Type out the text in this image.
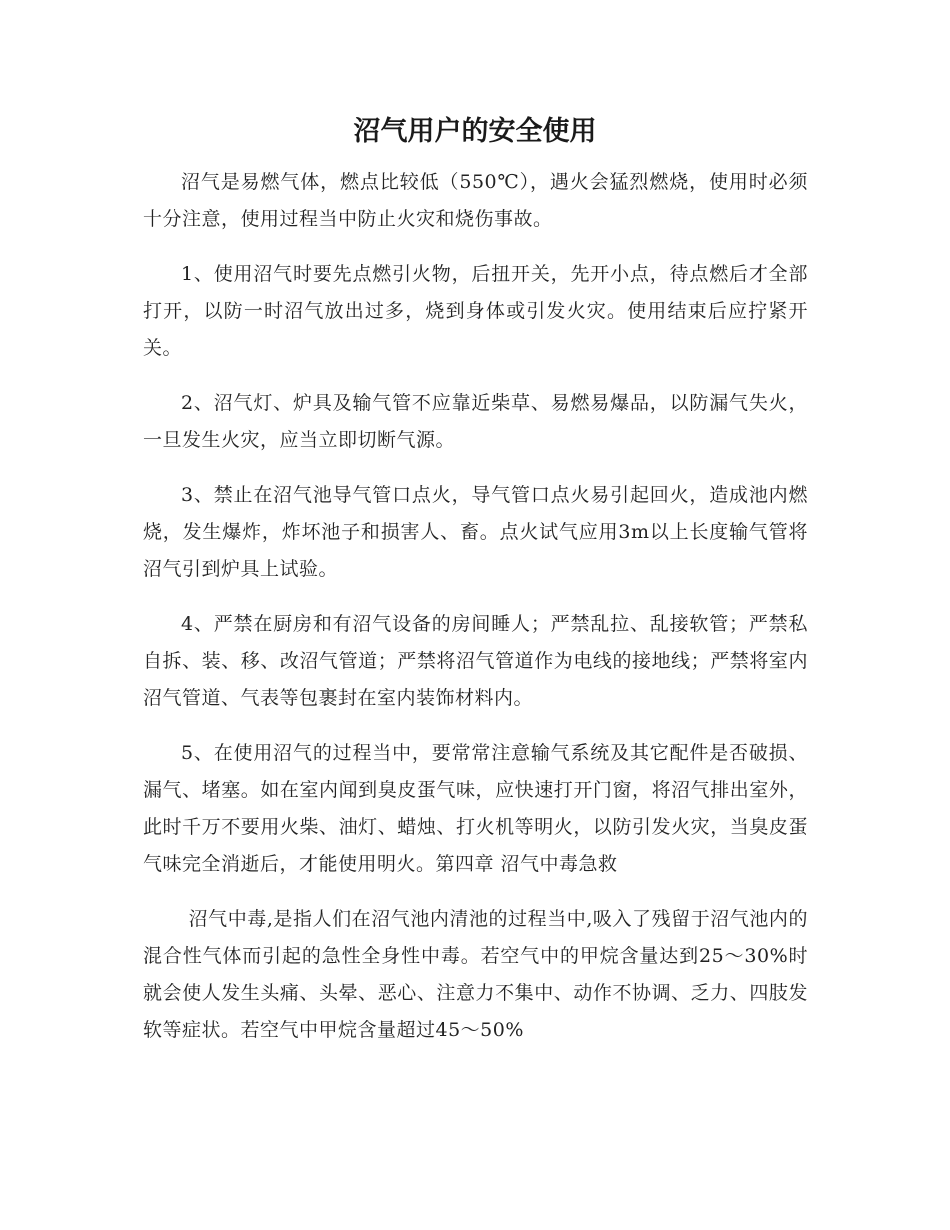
沼气用户的安全使用

沼气是易燃气体，燃点比较低（550℃），遇火会猛烈燃烧，使用时必须十分注意，使用过程当中防止火灾和烧伤事故。

1、使用沼气时要先点燃引火物，后扭开关，先开小点，待点燃后才全部打开，以防一时沼气放出过多，烧到身体或引发火灾。使用结束后应拧紧开关。

2、沼气灯、炉具及输气管不应靠近柴草、易燃易爆品，以防漏气失火，一旦发生火灾，应当立即切断气源。

3、禁止在沼气池导气管口点火，导气管口点火易引起回火，造成池内燃烧，发生爆炸，炸坏池子和损害人、畜。点火试气应用3m以上长度输气管将沼气引到炉具上试验。

4、严禁在厨房和有沼气设备的房间睡人；严禁乱拉、乱接软管；严禁私自拆、装、移、改沼气管道；严禁将沼气管道作为电线的接地线；严禁将室内沼气管道、气表等包裹封在室内装饰材料内。

5、在使用沼气的过程当中，要常常注意输气系统及其它配件是否破损、漏气、堵塞。如在室内闻到臭皮蛋气味，应快速打开门窗，将沼气排出室外，此时千万不要用火柴、油灯、蜡烛、打火机等明火，以防引发火灾，当臭皮蛋气味完全消逝后，才能使用明火。第四章 沼气中毒急救

沼气中毒,是指人们在沼气池内清池的过程当中,吸入了残留于沼气池内的混合性气体而引起的急性全身性中毒。若空气中的甲烷含量达到25～30%时就会使人发生头痛、头晕、恶心、注意力不集中、动作不协调、乏力、四肢发软等症状。若空气中甲烷含量超过45～50%
